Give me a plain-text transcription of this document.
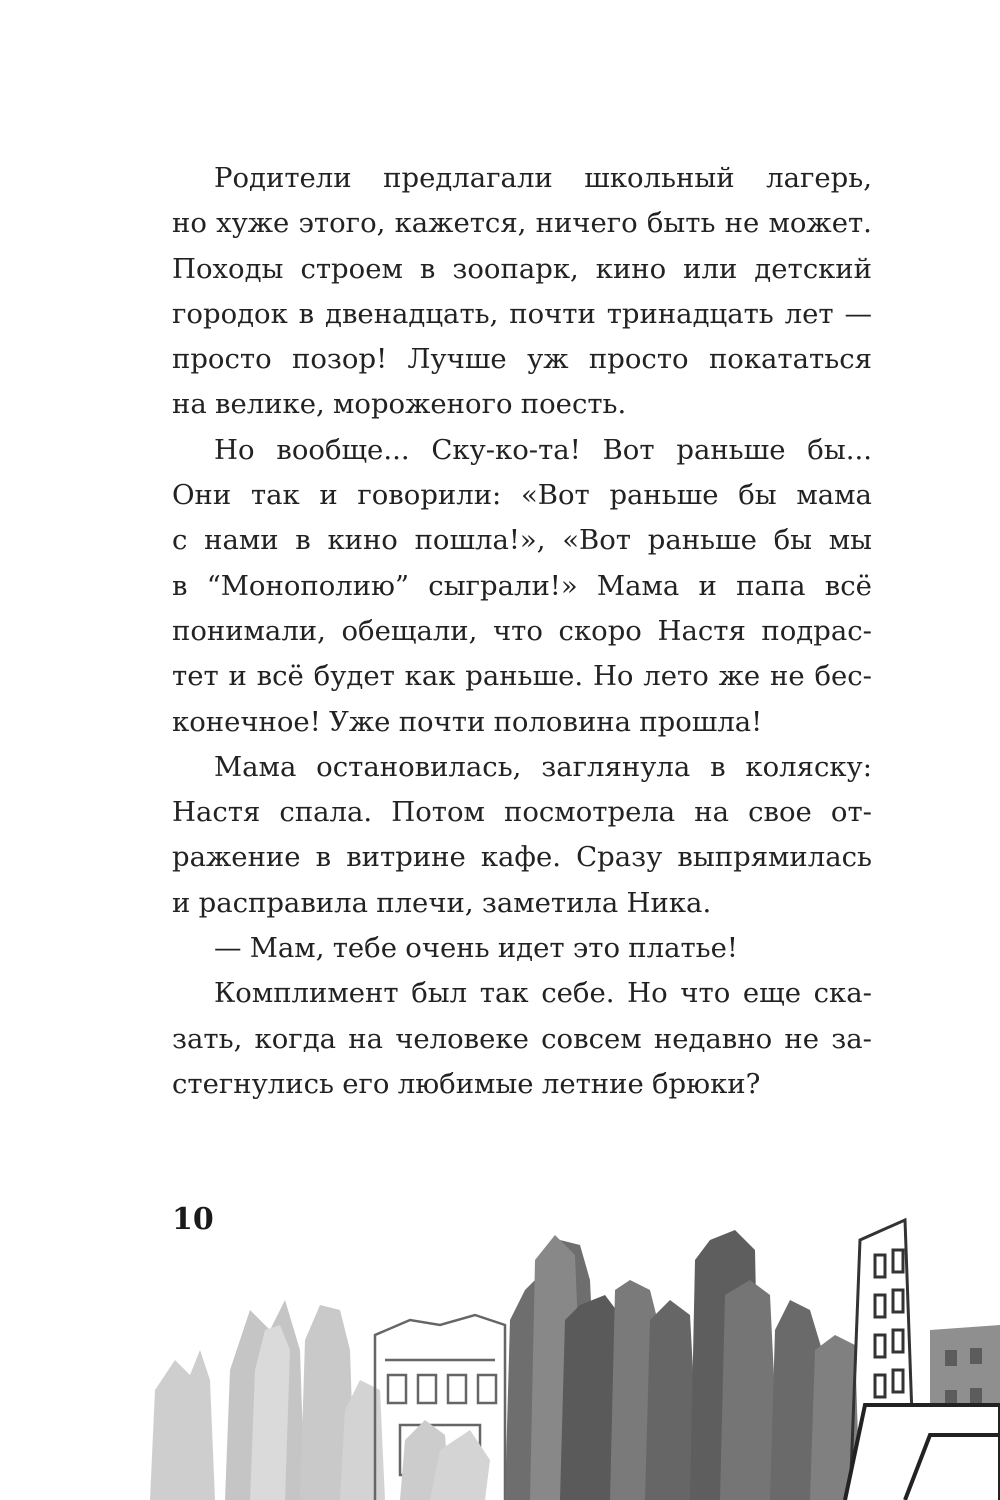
Родители предлагали школьный лагерь,
но хуже этого, кажется, ничего быть не может.
Походы строем в зоопарк, кино или детский
городок в двенадцать, почти тринадцать лет —
просто позор! Лучше уж просто покататься
на велике, мороженого поесть.
Но вообще... Ску-ко-та! Вот раньше бы...
Они так и говорили: «Вот раньше бы мама
с нами в кино пошла!», «Вот раньше бы мы
в “Монополию” сыграли!» Мама и папа всё
понимали, обещали, что скоро Настя подрас-
тет и всё будет как раньше. Но лето же не бес-
конечное! Уже почти половина прошла!
Мама остановилась, заглянула в коляску:
Настя спала. Потом посмотрела на свое от-
ражение в витрине кафе. Сразу выпрямилась
и расправила плечи, заметила Ника.
— Мам, тебе очень идет это платье!
Комплимент был так себе. Но что еще ска-
зать, когда на человеке совсем недавно не за-
стегнулись его любимые летние брюки?
10
